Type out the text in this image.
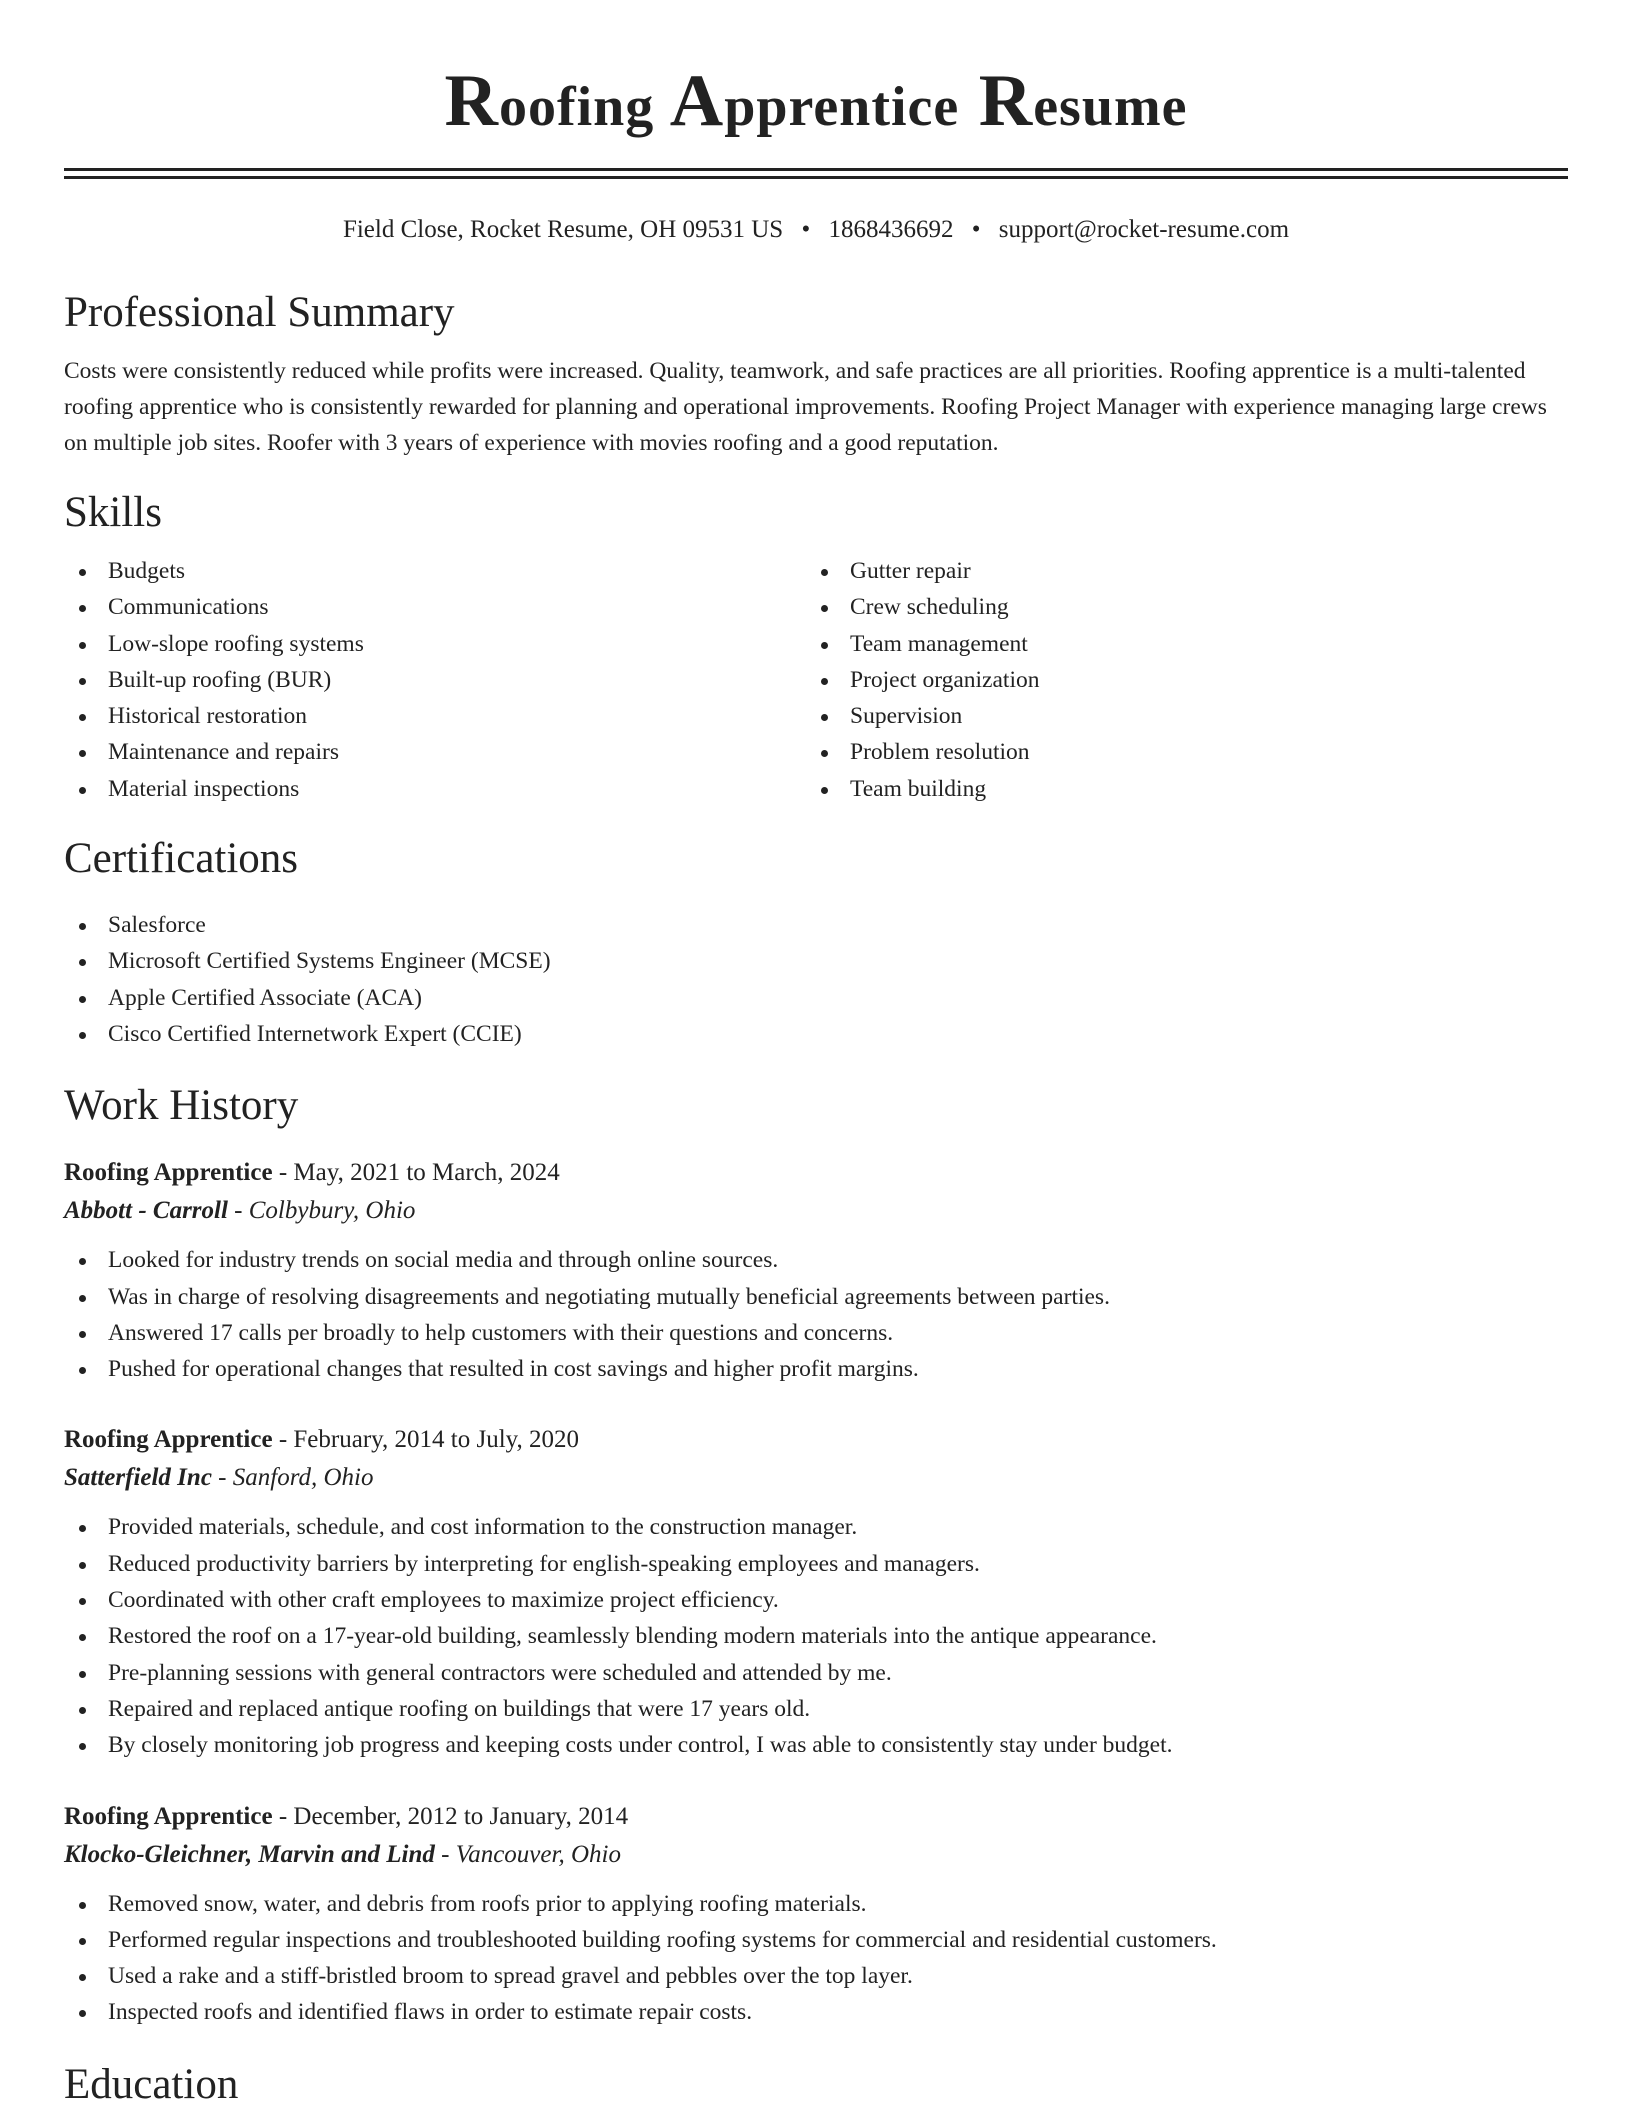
Roofing Apprentice Resume
Field Close, Rocket Resume, OH 09531 US • 1868436692 • support@rocket-resume.com
Professional Summary

Costs were consistently reduced while profits were increased. Quality, teamwork, and safe practices are all priorities. Roofing apprentice is a multi-talented roofing apprentice who is consistently rewarded for planning and operational improvements. Roofing Project Manager with experience managing large crews on multiple job sites. Roofer with 3 years of experience with movies roofing and a good reputation.

Skills
Budgets
Communications
Low-slope roofing systems
Built-up roofing (BUR)
Historical restoration
Maintenance and repairs
Material inspections
Gutter repair
Crew scheduling
Team management
Project organization
Supervision
Problem resolution
Team building
Certifications
Salesforce
Microsoft Certified Systems Engineer (MCSE)
Apple Certified Associate (ACA)
Cisco Certified Internetwork Expert (CCIE)
Work History
Roofing Apprentice - May, 2021 to March, 2024
Abbott - Carroll - Colbybury, Ohio
Looked for industry trends on social media and through online sources.
Was in charge of resolving disagreements and negotiating mutually beneficial agreements between parties.
Answered 17 calls per broadly to help customers with their questions and concerns.
Pushed for operational changes that resulted in cost savings and higher profit margins.
Roofing Apprentice - February, 2014 to July, 2020
Satterfield Inc - Sanford, Ohio
Provided materials, schedule, and cost information to the construction manager.
Reduced productivity barriers by interpreting for english-speaking employees and managers.
Coordinated with other craft employees to maximize project efficiency.
Restored the roof on a 17-year-old building, seamlessly blending modern materials into the antique appearance.
Pre-planning sessions with general contractors were scheduled and attended by me.
Repaired and replaced antique roofing on buildings that were 17 years old.
By closely monitoring job progress and keeping costs under control, I was able to consistently stay under budget.
Roofing Apprentice - December, 2012 to January, 2014
Klocko-Gleichner, Marvin and Lind - Vancouver, Ohio
Removed snow, water, and debris from roofs prior to applying roofing materials.
Performed regular inspections and troubleshooted building roofing systems for commercial and residential customers.
Used a rake and a stiff-bristled broom to spread gravel and pebbles over the top layer.
Inspected roofs and identified flaws in order to estimate repair costs.
Education
